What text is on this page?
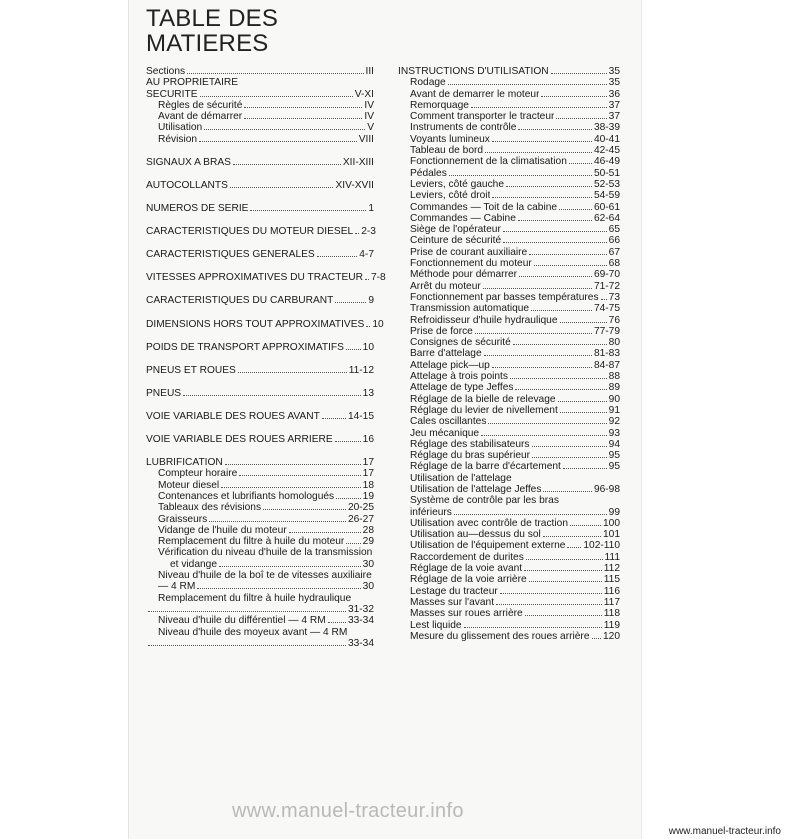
TABLE DES
MATIERES
Sections	III
AU PROPRIETAIRE
SECURITE	V-XI
Règles de sécurité	IV
Avant de démarrer	IV
Utilisation	V
Révision	VIII
SIGNAUX A BRAS	XII-XIII
AUTOCOLLANTS	XIV-XVII
NUMEROS DE SERIE	1
CARACTERISTIQUES DU MOTEUR DIESEL 2-3
CARACTERISTIQUES GENERALES	4-7
VITESSES APPROXIMATIVES DU TRACTEUR 7-8
CARACTERISTIQUES DU CARBURANT	9
DIMENSIONS HORS TOUT APPROXIMATIVES 10
POIDS DE TRANSPORT APPROXIMATIFS 10
PNEUS ET ROUES	11-12
PNEUS	13
VOIE VARIABLE DES ROUES AVANT	14-15
VOIE VARIABLE DES ROUES ARRIERE	16
LUBRIFICATION	17
Compteur horaire	17
Moteur diesel	18
Contenances et lubrifiants homologués	19
Tableaux des révisions	20-25
Graisseurs	26-27
Vidange de l'huile du moteur	28
Remplacement du filtre à huile du moteur 29
Vérification du niveau d'huile de la transmission
et vidange	30
Niveau d'huile de la boî te de vitesses auxiliaire
— 4 RM	30
Remplacement du filtre à huile hydraulique
31-32
Niveau d'huile du différentiel — 4 RM 33-34
Niveau d'huile des moyeux avant — 4 RM
33-34
INSTRUCTIONS D'UTILISATION	35
Rodage	35
Avant de demarrer le moteur	36
Remorquage	37
Comment transporter le tracteur	37
Instruments de contrôle	38-39
Voyants lumineux	40-41
Tableau de bord	42-45
Fonctionnement de la climatisation	46-49
Pédales	50-51
Leviers, côté gauche	52-53
Leviers, côté droit	54-59
Commandes — Toit de la cabine	60-61
Commandes — Cabine	62-64
Siège de l'opérateur	65
Ceinture de sécurité	66
Prise de courant auxiliaire	67
Fonctionnement du moteur	68
Méthode pour démarrer	69-70
Arrêt du moteur	71-72
Fonctionnement par basses températures 73
Transmission automatique	74-75
Refroidisseur d'huile hydraulique	76
Prise de force	77-79
Consignes de sécurité	80
Barre d'attelage	81-83
Attelage pick—up	84-87
Attelage à trois points	88
Attelage de type Jeffes	89
Réglage de la bielle de relevage	90
Réglage du levier de nivellement	91
Cales oscillantes	92
Jeu mécanique	93
Réglage des stabilisateurs	94
Réglage du bras supérieur	95
Réglage de la barre d'écartement	95
Utilisation de l'attelage
Utilisation de l'attelage Jeffes	96-98
Système de contrôle par les bras
inférieurs	99
Utilisation avec contrôle de traction	100
Utilisation au—dessus du sol	101
Utilisation de l'équipement externe 102-110
Raccordement de durites	111
Réglage de la voie avant	112
Réglage de la voie arrière	115
Lestage du tracteur	116
Masses sur l'avant	117
Masses sur roues arrière	118
Lest liquide	119
Mesure du glissement des roues arrière 120
www.manuel-tracteur.info
www.manuel-tracteur.info
